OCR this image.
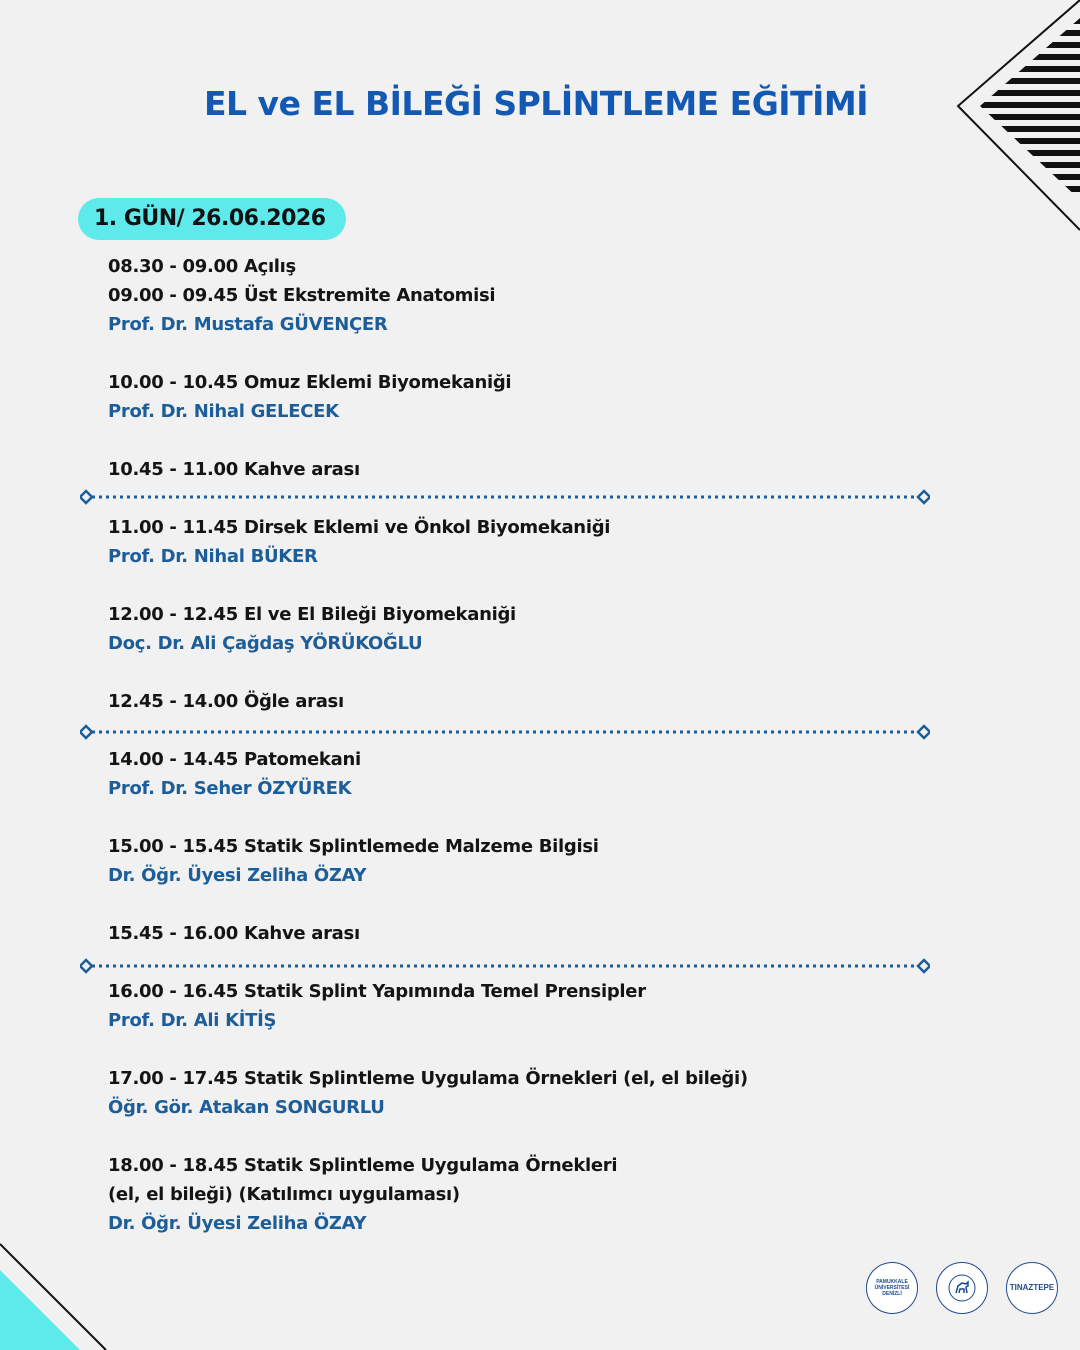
EL ve EL BİLEĞİ SPLİNTLEME EĞİTİMİ
1. GÜN/ 26.06.2026

08.30 - 09.00 Açılış

09.00 - 09.45 Üst Ekstremite Anatomisi

Prof. Dr. Mustafa GÜVENÇER

10.00 - 10.45 Omuz Eklemi Biyomekaniği

Prof. Dr. Nihal GELECEK

10.45 - 11.00 Kahve arası

11.00 - 11.45 Dirsek Eklemi ve Önkol Biyomekaniği

Prof. Dr. Nihal BÜKER

12.00 - 12.45 El ve El Bileği Biyomekaniği

Doç. Dr. Ali Çağdaş YÖRÜKOĞLU

12.45 - 14.00 Öğle arası

14.00 - 14.45 Patomekani

Prof. Dr. Seher ÖZYÜREK

15.00 - 15.45 Statik Splintlemede Malzeme Bilgisi

Dr. Öğr. Üyesi Zeliha ÖZAY

15.45 - 16.00 Kahve arası

16.00 - 16.45 Statik Splint Yapımında Temel Prensipler

Prof. Dr. Ali KİTİŞ

17.00 - 17.45 Statik Splintleme Uygulama Örnekleri (el, el bileği)

Öğr. Gör. Atakan SONGURLU

18.00 - 18.45 Statik Splintleme Uygulama Örnekleri

(el, el bileği) (Katılımcı uygulaması)

Dr. Öğr. Üyesi Zeliha ÖZAY

PAMUKKALE ÜNİVERSİTESİ DENİZLİ
TINAZTEPE
